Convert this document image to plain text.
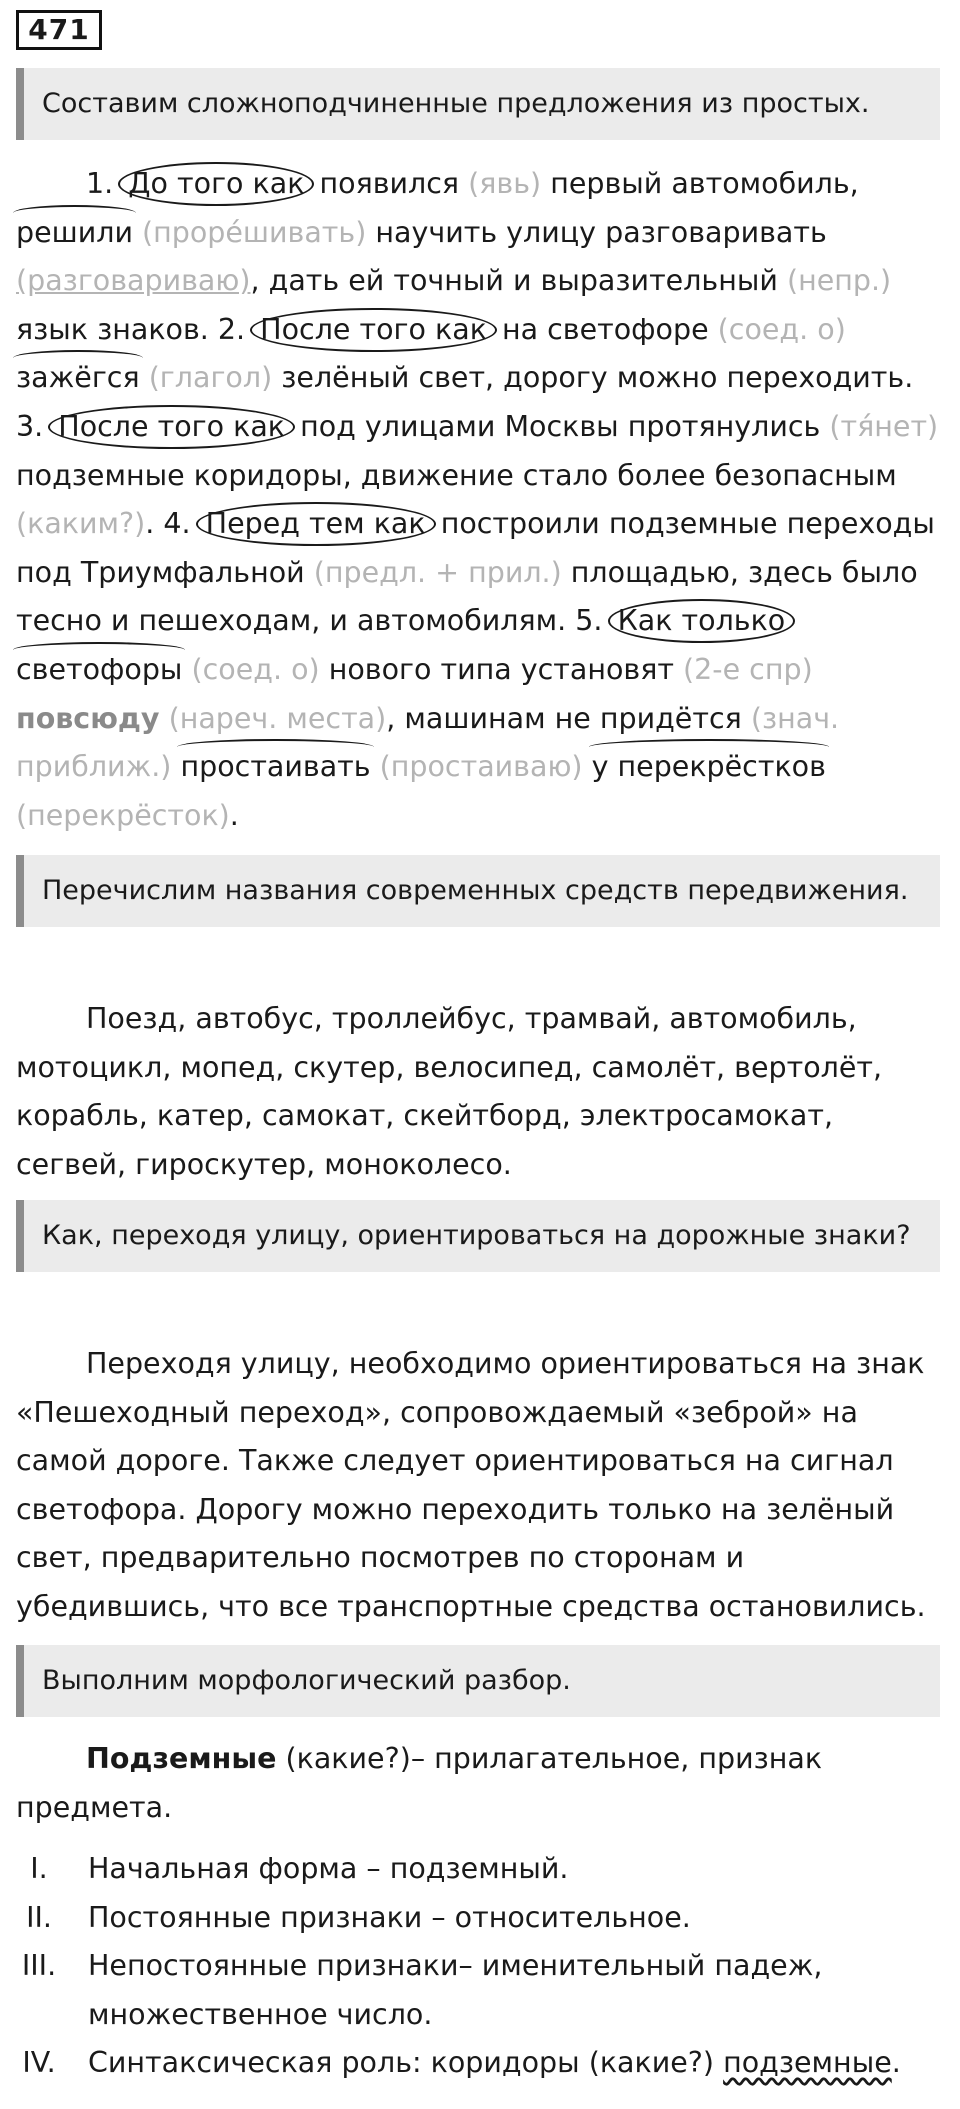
471
Составим сложноподчиненные предложения из простых.
1. До того как появился (явь) первый автомобиль, решили (прорéшивать) научить улицу разговаривать (разговариваю), дать ей точный и выразительный (непр.) язык знаков. 2. После того как на светофоре (соед. о) зажёгся (глагол) зелёный свет, дорогу можно переходить. 3. После того как под улицами Москвы протянулись (тя́нет) подземные коридоры, движение стало более безопасным (каким?). 4. Перед тем как построили подземные переходы под Триумфальной (предл. + прил.) площадью, здесь было тесно и пешеходам, и автомобилям. 5. Как только светофоры (соед. о) нового типа установят (2-е спр) повсюду (нареч. места), машинам не придётся (знач. приближ.) простаивать (простаиваю) у перекрёстков (перекрёсток).
Перечислим названия современных средств передвижения.
Поезд, автобус, троллейбус, трамвай, автомобиль, мотоцикл, мопед, скутер, велосипед, самолёт, вертолёт, корабль, катер, самокат, скейтборд, электросамокат, сегвей, гироскутер, моноколесо.
Как, переходя улицу, ориентироваться на дорожные знаки?
Переходя улицу, необходимо ориентироваться на знак «Пешеходный переход», сопровождаемый «зеброй» на самой дороге. Также следует ориентироваться на сигнал светофора. Дорогу можно переходить только на зелёный свет, предварительно посмотрев по сторонам и убедившись, что все транспортные средства остановились.
Выполним морфологический разбор.
Подземные (какие?)– прилагательное, признак предмета.
I.	Начальная форма – подземный.
II.	Постоянные признаки – относительное.
III. Непостоянные признаки– именительный падеж, множественное число.
IV. Синтаксическая роль: коридоры (какие?) подземные.
